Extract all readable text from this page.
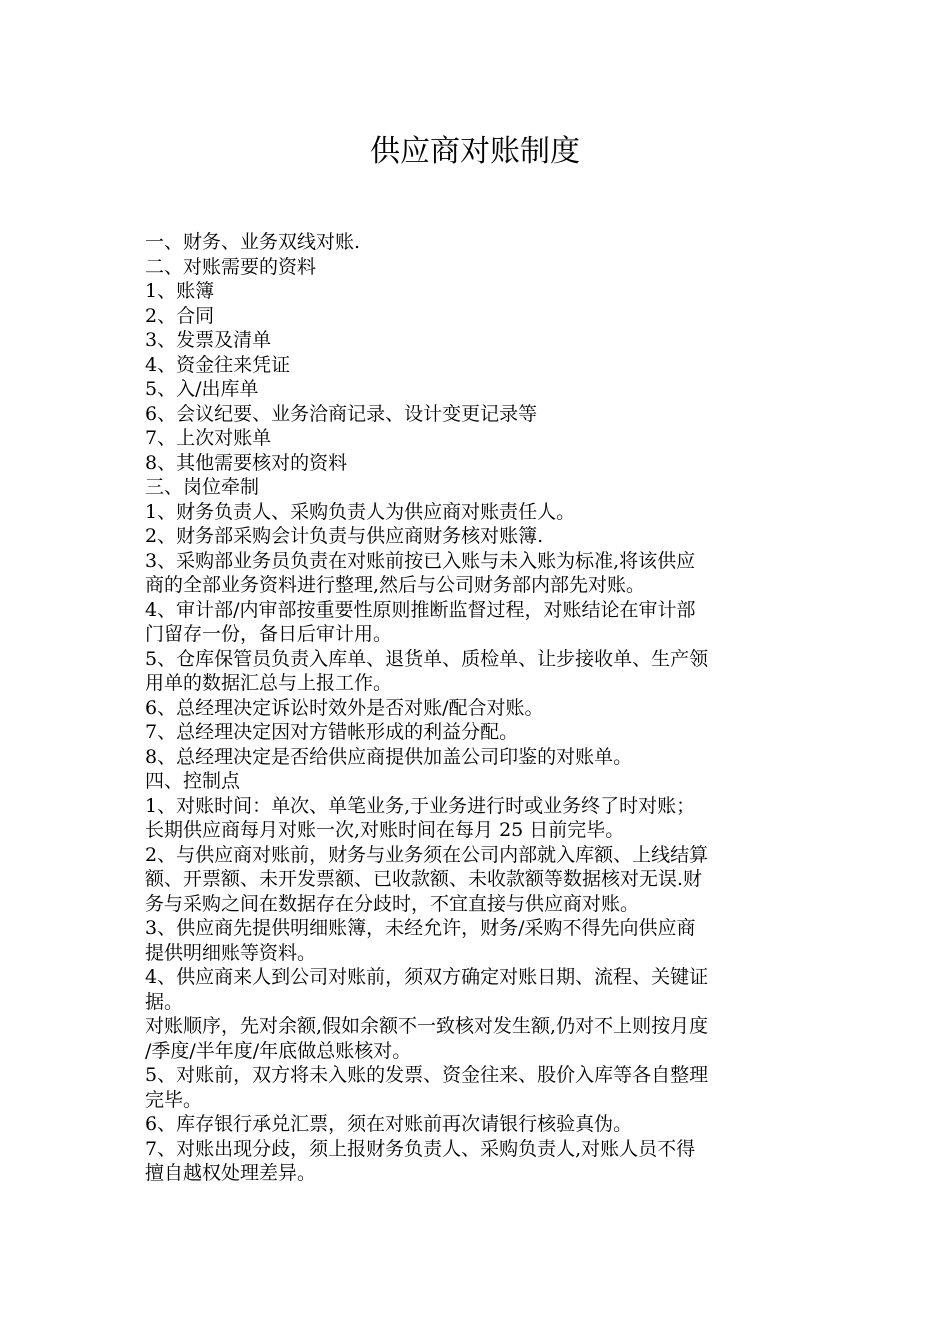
供应商对账制度

一、财务、业务双线对账.

二、对账需要的资料

1、账簿

2、合同

3、发票及清单

4、资金往来凭证

5、入/出库单

6、会议纪要、业务洽商记录、设计变更记录等

7、上次对账单

8、其他需要核对的资料

三、岗位牵制

1、财务负责人、采购负责人为供应商对账责任人。

2、财务部采购会计负责与供应商财务核对账簿.

3、采购部业务员负责在对账前按已入账与未入账为标准,将该供应

商的全部业务资料进行整理,然后与公司财务部内部先对账。

4、审计部/内审部按重要性原则推断监督过程，对账结论在审计部

门留存一份，备日后审计用。

5、仓库保管员负责入库单、退货单、质检单、让步接收单、生产领

用单的数据汇总与上报工作。

6、总经理决定诉讼时效外是否对账/配合对账。

7、总经理决定因对方错帐形成的利益分配。

8、总经理决定是否给供应商提供加盖公司印鉴的对账单。

四、控制点

1、对账时间：单次、单笔业务,于业务进行时或业务终了时对账；

长期供应商每月对账一次,对账时间在每月 25 日前完毕。

2、与供应商对账前，财务与业务须在公司内部就入库额、上线结算

额、开票额、未开发票额、已收款额、未收款额等数据核对无误.财

务与采购之间在数据存在分歧时，不宜直接与供应商对账。

3、供应商先提供明细账簿，未经允许，财务/采购不得先向供应商

提供明细账等资料。

4、供应商来人到公司对账前，须双方确定对账日期、流程、关键证

据。

对账顺序，先对余额,假如余额不一致核对发生额,仍对不上则按月度

/季度/半年度/年底做总账核对。

5、对账前，双方将未入账的发票、资金往来、股价入库等各自整理

完毕。

6、库存银行承兑汇票，须在对账前再次请银行核验真伪。

7、对账出现分歧，须上报财务负责人、采购负责人,对账人员不得

擅自越权处理差异。
